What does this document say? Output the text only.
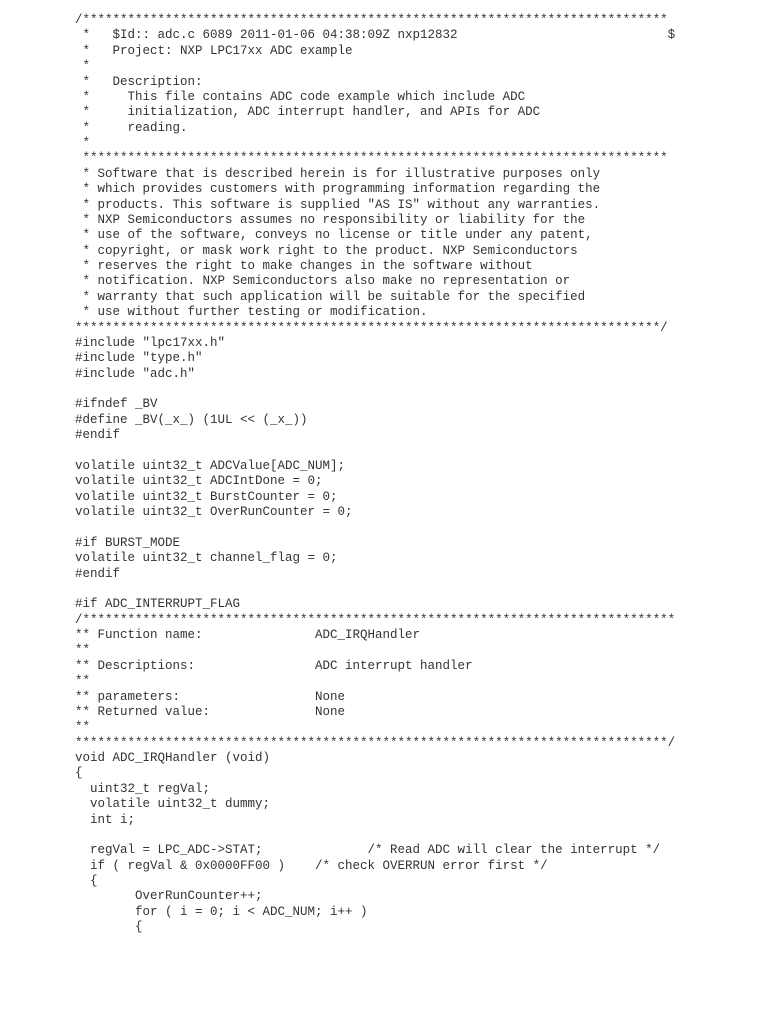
/******************************************************************************
*   $Id:: adc.c 6089 2011-01-06 04:38:09Z nxp12832                            $
*   Project: NXP LPC17xx ADC example
*
*   Description:
*     This file contains ADC code example which include ADC
*     initialization, ADC interrupt handler, and APIs for ADC
*     reading.
*
******************************************************************************
* Software that is described herein is for illustrative purposes only
* which provides customers with programming information regarding the
* products. This software is supplied "AS IS" without any warranties.
* NXP Semiconductors assumes no responsibility or liability for the
* use of the software, conveys no license or title under any patent,
* copyright, or mask work right to the product. NXP Semiconductors
* reserves the right to make changes in the software without
* notification. NXP Semiconductors also make no representation or
* warranty that such application will be suitable for the specified
* use without further testing or modification.
******************************************************************************/
#include "lpc17xx.h"
#include "type.h"
#include "adc.h"
#ifndef _BV
#define _BV(_x_) (1UL << (_x_))
#endif
volatile uint32_t ADCValue[ADC_NUM];
volatile uint32_t ADCIntDone = 0;
volatile uint32_t BurstCounter = 0;
volatile uint32_t OverRunCounter = 0;
#if BURST_MODE
volatile uint32_t channel_flag = 0;
#endif
#if ADC_INTERRUPT_FLAG
/*******************************************************************************
** Function name:               ADC_IRQHandler
**
** Descriptions:                ADC interrupt handler
**
** parameters:                  None
** Returned value:              None
**
*******************************************************************************/
void ADC_IRQHandler (void)
{
uint32_t regVal;
volatile uint32_t dummy;
int i;
regVal = LPC_ADC->STAT;              /* Read ADC will clear the interrupt */
if ( regVal & 0x0000FF00 )    /* check OVERRUN error first */
{
OverRunCounter++;
for ( i = 0; i < ADC_NUM; i++ )
{
